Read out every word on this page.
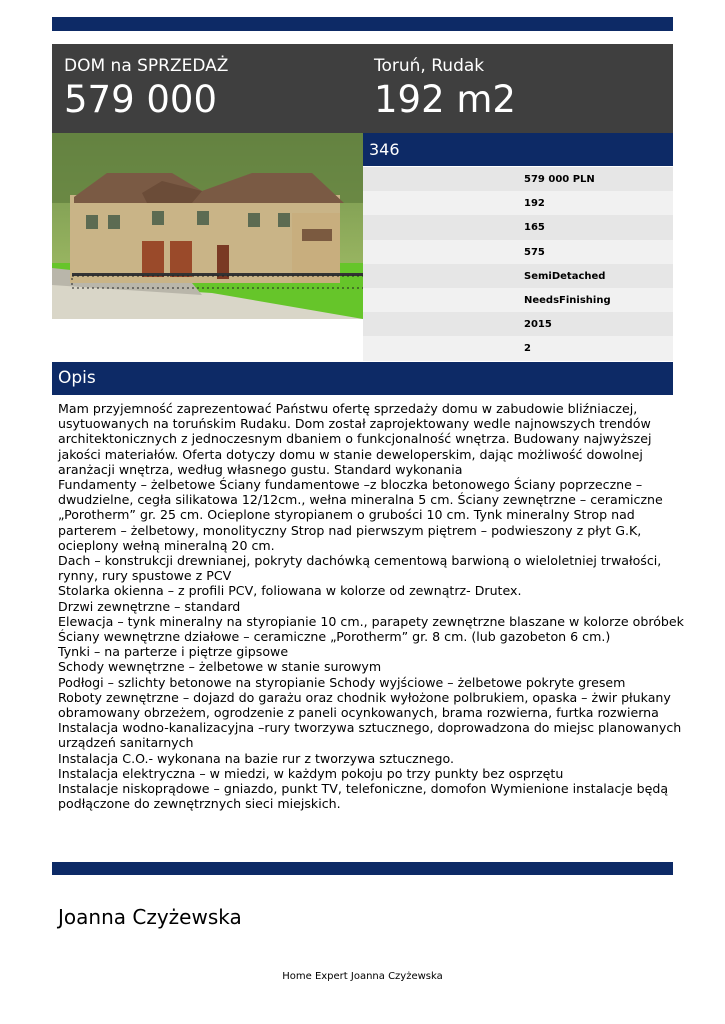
DOM na SPRZEDAŻ
579 000
Toruń, Rudak
192 m2
346
579 000 PLN
192
165
575
SemiDetached
NeedsFinishing
2015
2
Opis
Mam przyjemność zaprezentować Państwu ofertę sprzedaży domu w zabudowie bliźniaczej,
usytuowanych na toruńskim Rudaku. Dom został zaprojektowany wedle najnowszych trendów
architektonicznych z jednoczesnym dbaniem o funkcjonalność wnętrza. Budowany najwyższej
jakości materiałów. Oferta dotyczy domu w stanie deweloperskim, dając możliwość dowolnej
aranżacji wnętrza, według własnego gustu. Standard wykonania
Fundamenty – żelbetowe Ściany fundamentowe –z bloczka betonowego Ściany poprzeczne –
dwudzielne, cegła silikatowa 12/12cm., wełna mineralna 5 cm. Ściany zewnętrzne – ceramiczne
„Porotherm” gr. 25 cm. Ocieplone styropianem o grubości 10 cm. Tynk mineralny Strop nad
parterem – żelbetowy, monolityczny Strop nad pierwszym piętrem – podwieszony z płyt G.K,
ocieplony wełną mineralną 20 cm.
Dach – konstrukcji drewnianej, pokryty dachówką cementową barwioną o wieloletniej trwałości,
rynny, rury spustowe z PCV
Stolarka okienna – z profili PCV, foliowana w kolorze od zewnątrz- Drutex.
Drzwi zewnętrzne – standard
Elewacja – tynk mineralny na styropianie 10 cm., parapety zewnętrzne blaszane w kolorze obróbek
Ściany wewnętrzne działowe – ceramiczne „Porotherm” gr. 8 cm. (lub gazobeton 6 cm.)
Tynki – na parterze i piętrze gipsowe
Schody wewnętrzne – żelbetowe w stanie surowym
Podłogi – szlichty betonowe na styropianie Schody wyjściowe – żelbetowe pokryte gresem
Roboty zewnętrzne – dojazd do garażu oraz chodnik wyłożone polbrukiem, opaska – żwir płukany
obramowany obrzeżem, ogrodzenie z paneli ocynkowanych, brama rozwierna, furtka rozwierna
Instalacja wodno-kanalizacyjna –rury tworzywa sztucznego, doprowadzona do miejsc planowanych
urządzeń sanitarnych
Instalacja C.O.- wykonana na bazie rur z tworzywa sztucznego.
Instalacja elektryczna – w miedzi, w każdym pokoju po trzy punkty bez osprzętu
Instalacje niskoprądowe – gniazdo, punkt TV, telefoniczne, domofon Wymienione instalacje będą
podłączone do zewnętrznych sieci miejskich.
Joanna Czyżewska
Home Expert Joanna Czyżewska
